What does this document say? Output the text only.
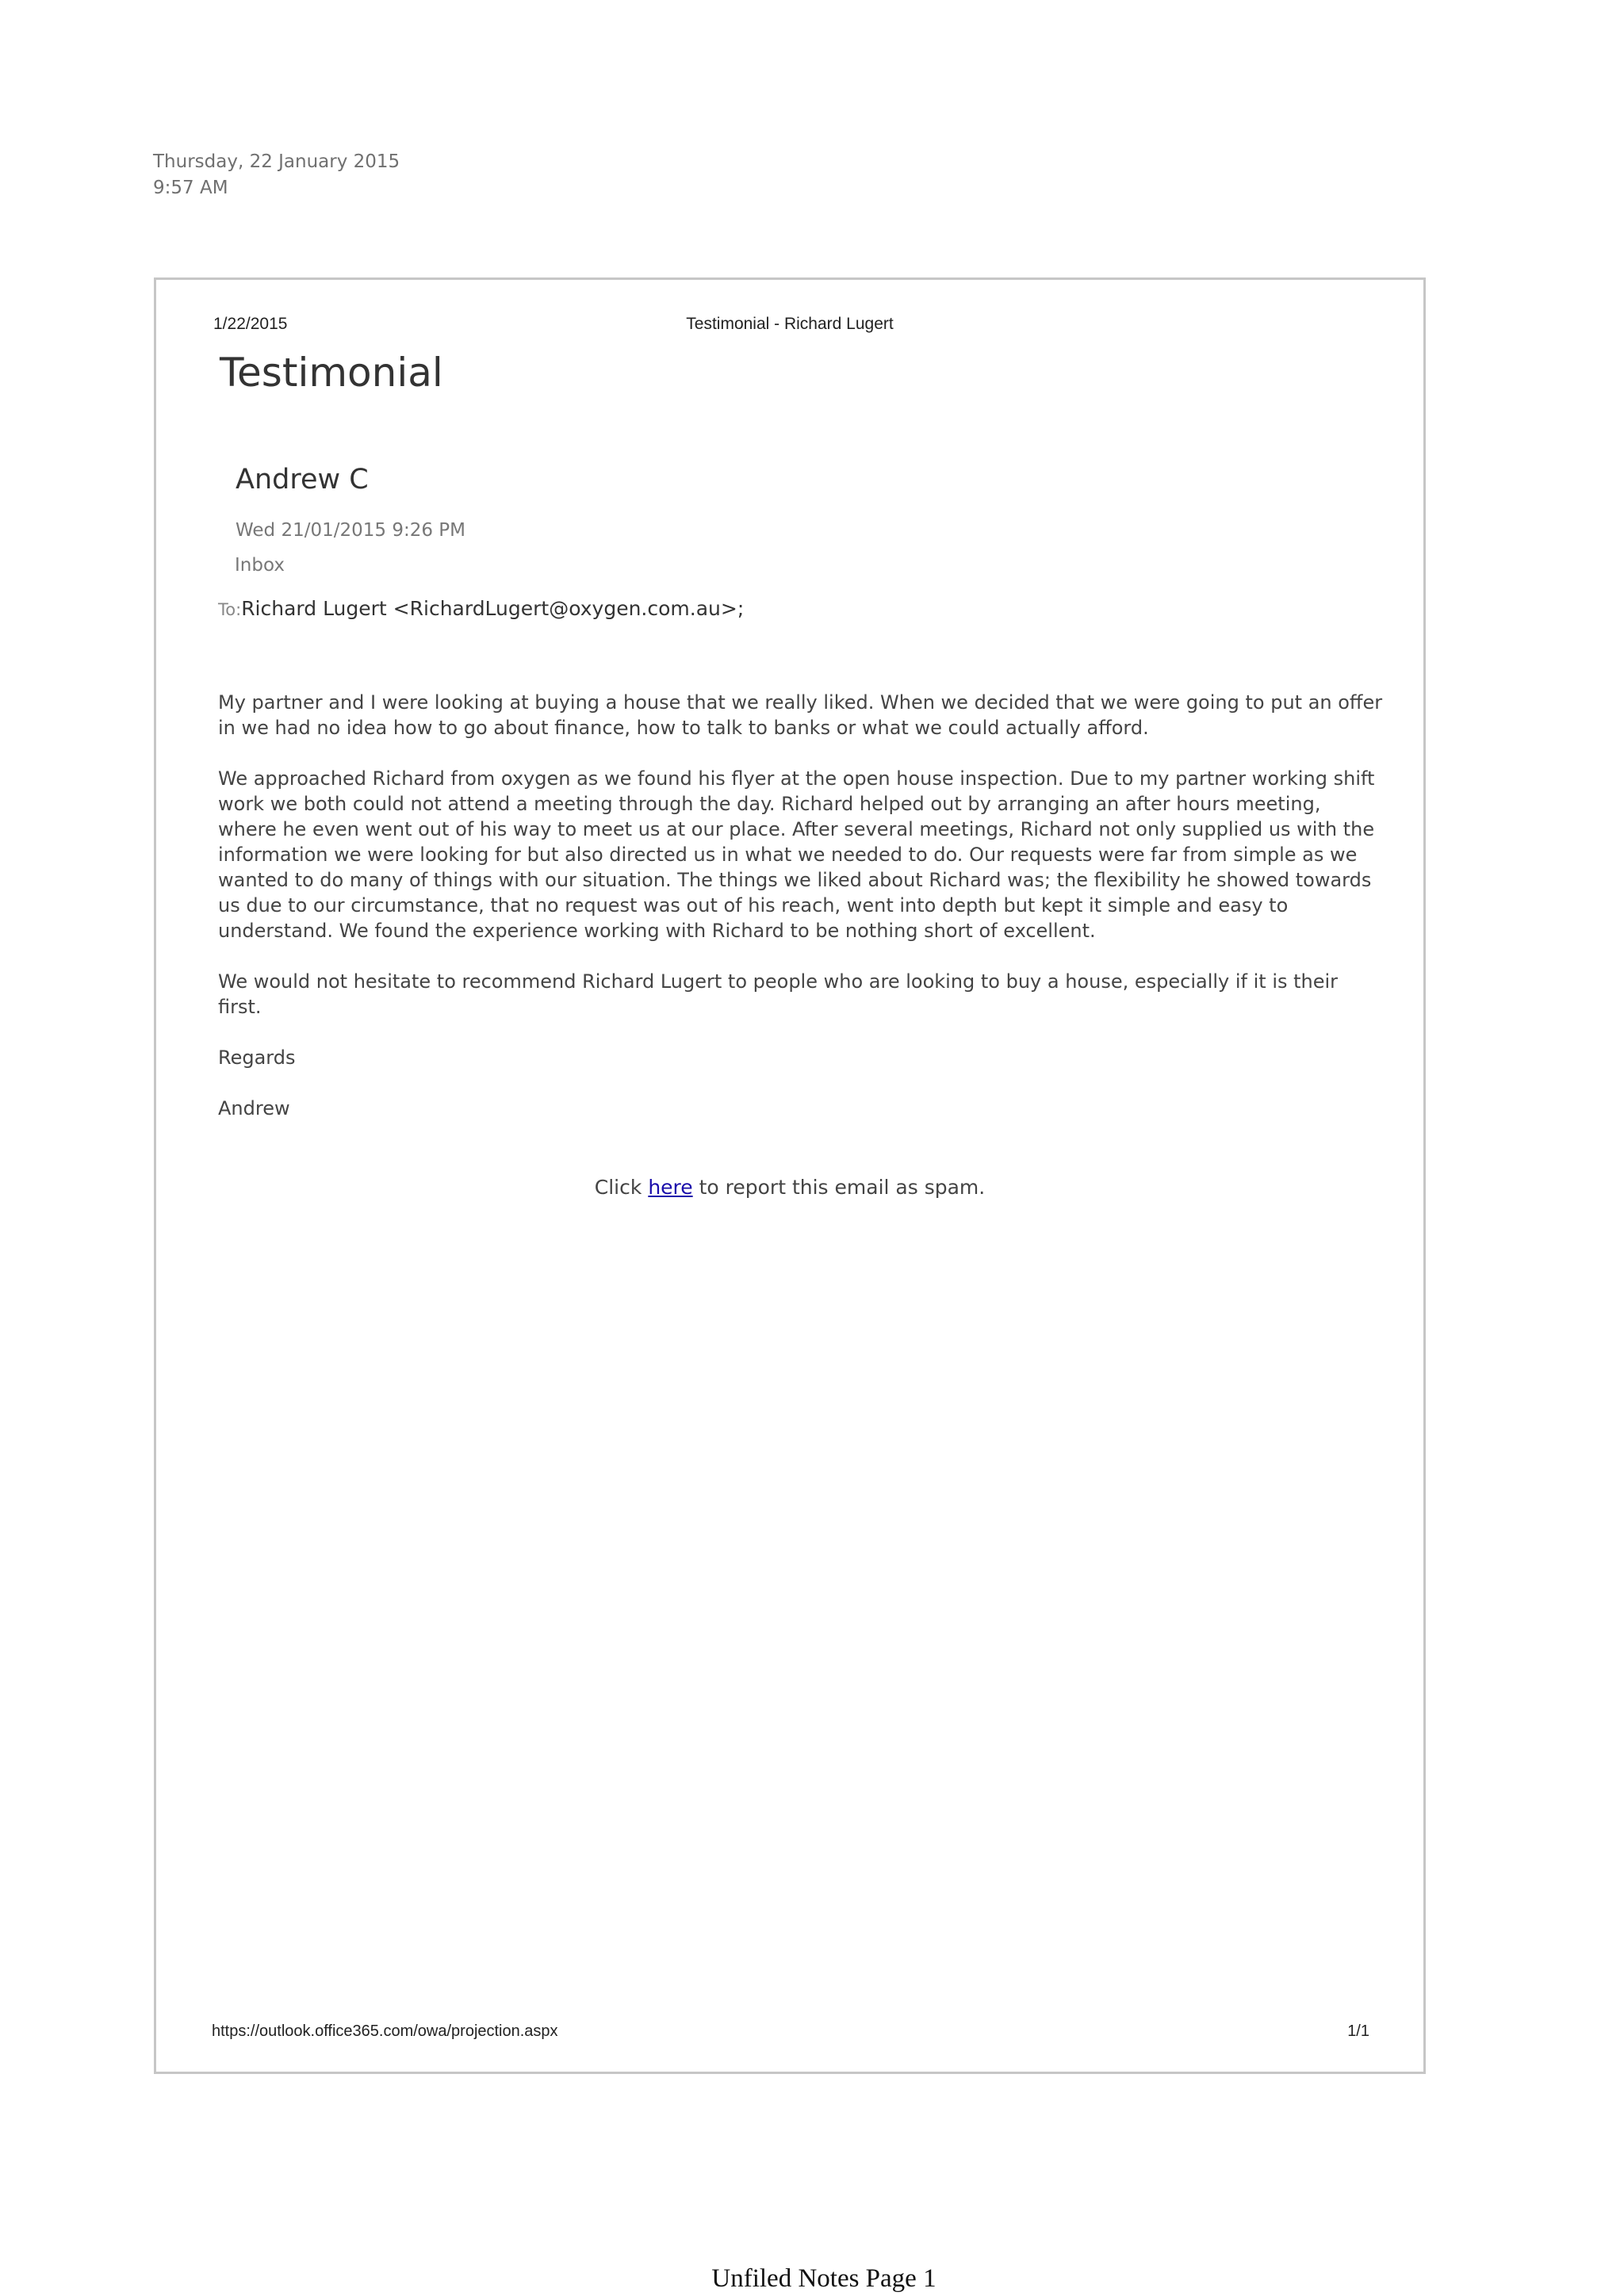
Thursday, 22 January 2015
9:57 AM
1/22/2015	Testimonial - Richard Lugert
Testimonial
Andrew C
Wed 21/01/2015 9:26 PM
Inbox
To:Richard Lugert <RichardLugert@oxygen.com.au>;

My partner and I were looking at buying a house that we really liked. When we decided that we were going to put an offer in we had no idea how to go about finance, how to talk to banks or what we could actually afford.

We approached Richard from oxygen as we found his flyer at the open house inspection. Due to my partner working shift work we both could not attend a meeting through the day. Richard helped out by arranging an after hours meeting, where he even went out of his way to meet us at our place. After several meetings, Richard not only supplied us with the information we were looking for but also directed us in what we needed to do. Our requests were far from simple as we wanted to do many of things with our situation. The things we liked about Richard was; the flexibility he showed towards us due to our circumstance, that no request was out of his reach, went into depth but kept it simple and easy to understand. We found the experience working with Richard to be nothing short of excellent.

We would not hesitate to recommend Richard Lugert to people who are looking to buy a house, especially if it is their first.

Regards

Andrew

Click here to report this email as spam.
https://outlook.office365.com/owa/projection.aspx	1/1
Unfiled Notes Page 1
